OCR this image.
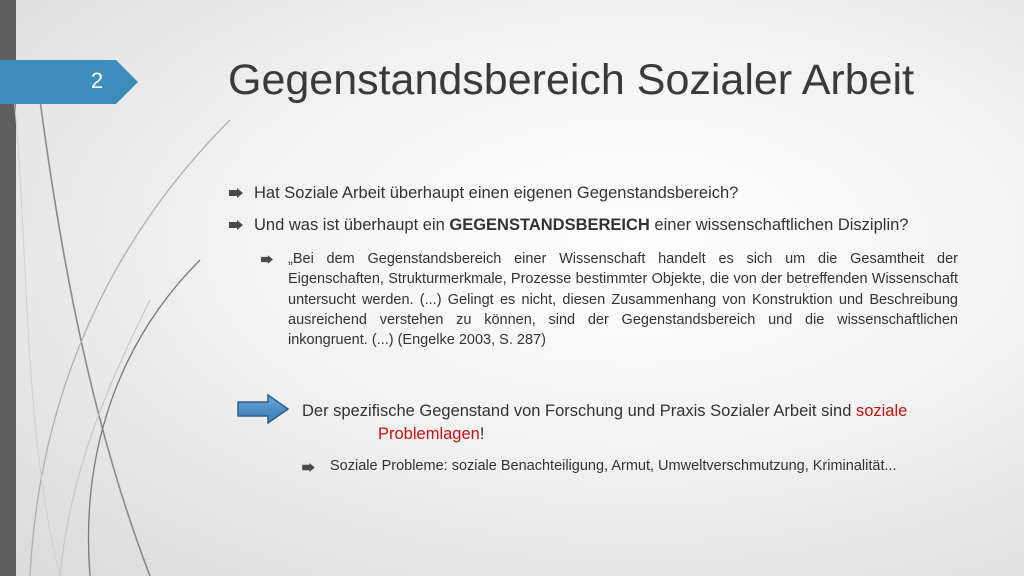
2	Gegenstandsbereich Sozialer Arbeit
Hat Soziale Arbeit überhaupt einen eigenen Gegenstandsbereich?
Und was ist überhaupt ein GEGENSTANDSBEREICH einer wissenschaftlichen Disziplin?
„Bei dem Gegenstandsbereich einer Wissenschaft handelt es sich um die Gesamtheit der Eigenschaften, Strukturmerkmale, Prozesse bestimmter Objekte, die von der betreffenden Wissenschaft untersucht werden. (...) Gelingt es nicht, diesen Zusammenhang von Konstruktion und Beschreibung ausreichend verstehen zu können, sind der Gegenstandsbereich und die wissenschaftlichen inkongruent. (...) (Engelke 2003, S. 287)
Der spezifische Gegenstand von Forschung und Praxis Sozialer Arbeit sind soziale
Problemlagen!
Soziale Probleme: soziale Benachteiligung, Armut, Umweltverschmutzung, Kriminalität...
